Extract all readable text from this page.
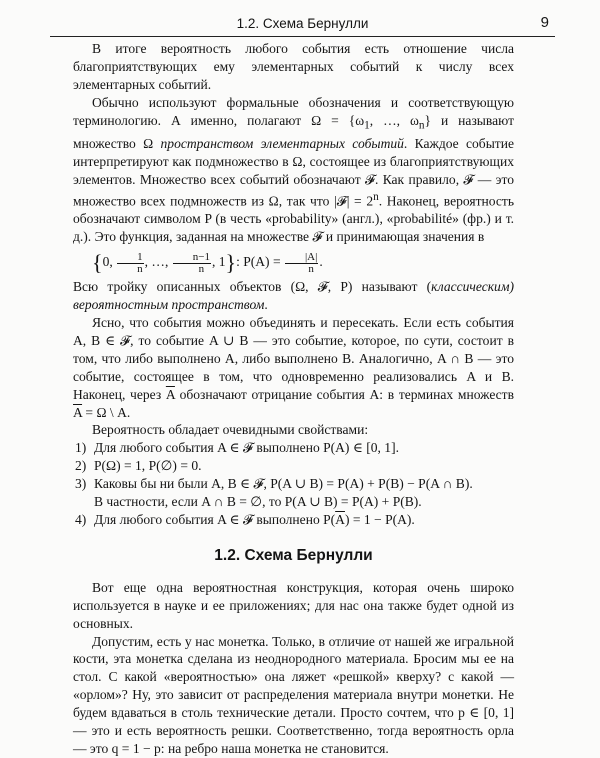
1.2. Схема Бернулли	9

В итоге вероятность любого события есть отношение числа благоприятствующих ему элементарных событий к числу всех элементарных событий.

Обычно используют формальные обозначения и соответствующую терминологию. А именно, полагают $\Omega = \{\omega_1$, …, $\omega_n$} и называют множество Ω пространством элементарных событий. Каждое событие интерпретируют как подмножество в Ω, состоящее из благоприятствующих элементов. Множество всех событий обозначают 𝓕. Как правило, 𝓕 — это множество всех подмножеств из Ω, так что |𝓕| = $2^n$. Наконец, вероятность обозначают символом P (в честь «probability» (англ.), «probabilité» (фр.) и т. д.). Это функция, заданная на множестве 𝓕 и принимающая значения в
{0, $\frac{1}{n}$ , …, $\frac{n-1}{n}$ , 1}: $P(A) = \frac{|A|}{n}$ .
Всю тройку описанных объектов (Ω, 𝓕, P) называют (классическим) вероятностным пространством.

Ясно, что события можно объединять и пересекать. Если есть события A, B ∈ 𝓕, то событие A ∪ B — это событие, которое, по сути, состоит в том, что либо выполнено A, либо выполнено B. Аналогично, A ∩ B — это событие, состоящее в том, что одновременно реализовались A и B. Наконец, через $\overline{A}$ обозначают отрицание события A: в терминах множеств $\overline{A} = \Omega$ \ A.

Вероятность обладает очевидными свойствами:

1) Для любого события A ∈ 𝓕 выполнено P(A) ∈ [0, 1].
2) P(Ω) = 1, P(∅) = 0.
3) Каковы бы ни были A, B ∈ 𝓕, P(A ∪ B) = P(A) + P(B) − P(A ∩ B).
В частности, если A ∩ B = ∅, то P(A ∪ B) = P(A) + P(B).
4) Для любого события A ∈ 𝓕 выполнено $P(\overline{A}) = 1 - P(A)$.
1.2. Схема Бернулли

Вот еще одна вероятностная конструкция, которая очень широко используется в науке и ее приложениях; для нас она также будет одной из основных.

Допустим, есть у нас монетка. Только, в отличие от нашей же игральной кости, эта монетка сделана из неоднородного материала. Бросим мы ее на стол. С какой «вероятностью» она ляжет «решкой» кверху? с какой — «орлом»? Ну, это зависит от распределения материала внутри монетки. Не будем вдаваться в столь технические детали. Просто сочтем, что p ∈ [0, 1] — это и есть вероятность решки. Соответственно, тогда вероятность орла — это q = 1 − p: на ребро наша монетка не становится.
